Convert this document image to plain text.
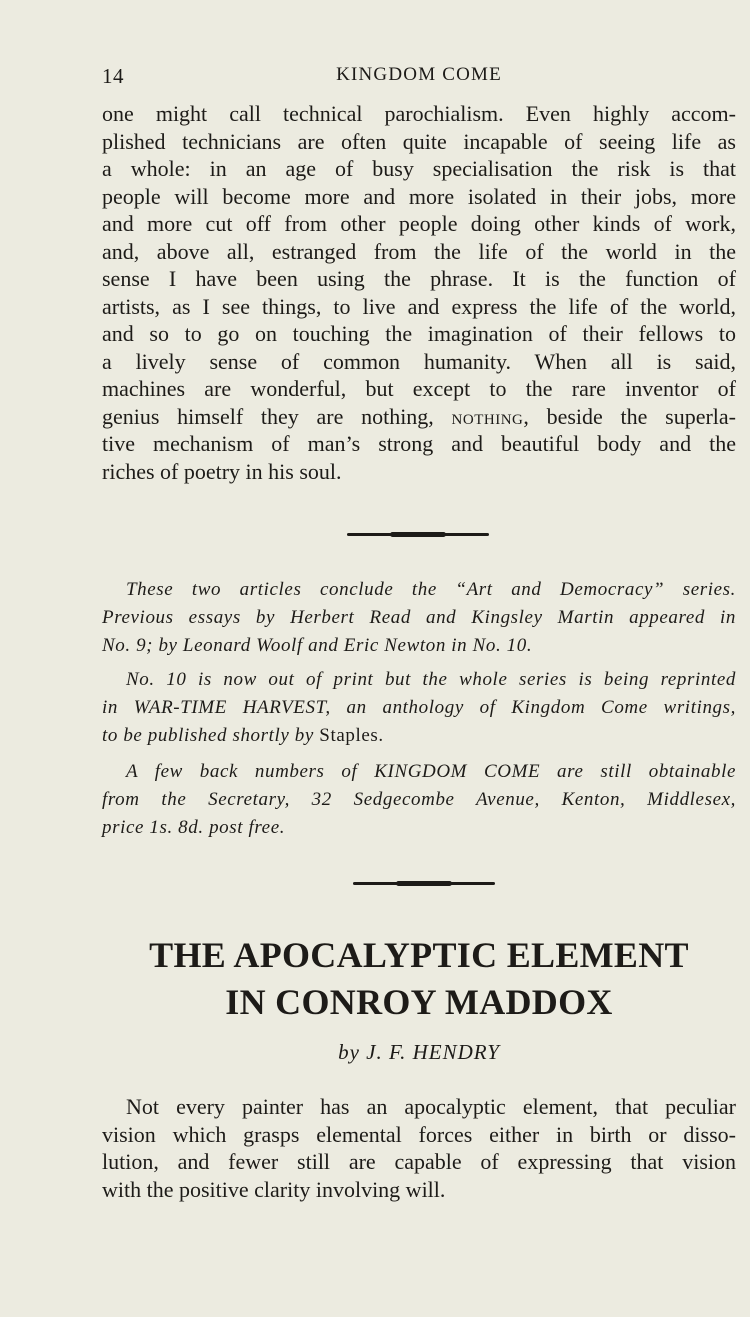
14	KINGDOM COME

one might call technical parochialism. Even highly accom-
plished technicians are often quite incapable of seeing life as
a whole: in an age of busy specialisation the risk is that
people will become more and more isolated in their jobs, more
and more cut off from other people doing other kinds of work,
and, above all, estranged from the life of the world in the
sense I have been using the phrase. It is the function of
artists, as I see things, to live and express the life of the world,
and so to go on touching the imagination of their fellows to
a lively sense of common humanity. When all is said,
machines are wonderful, but except to the rare inventor of
genius himself they are nothing, nothing, beside the superla-
tive mechanism of man’s strong and beautiful body and the
riches of poetry in his soul.

These two articles conclude the “Art and Democracy” series.
Previous essays by Herbert Read and Kingsley Martin appeared in
No. 9; by Leonard Woolf and Eric Newton in No. 10.

No. 10 is now out of print but the whole series is being reprinted
in WAR-TIME HARVEST, an anthology of Kingdom Come writings,
to be published shortly by Staples.

A few back numbers of KINGDOM COME are still obtainable
from the Secretary, 32 Sedgecombe Avenue, Kenton, Middlesex,
price 1s. 8d. post free.

THE APOCALYPTIC ELEMENT
IN CONROY MADDOX
by J. F. HENDRY

Not every painter has an apocalyptic element, that peculiar
vision which grasps elemental forces either in birth or disso-
lution, and fewer still are capable of expressing that vision
with the positive clarity involving will.
